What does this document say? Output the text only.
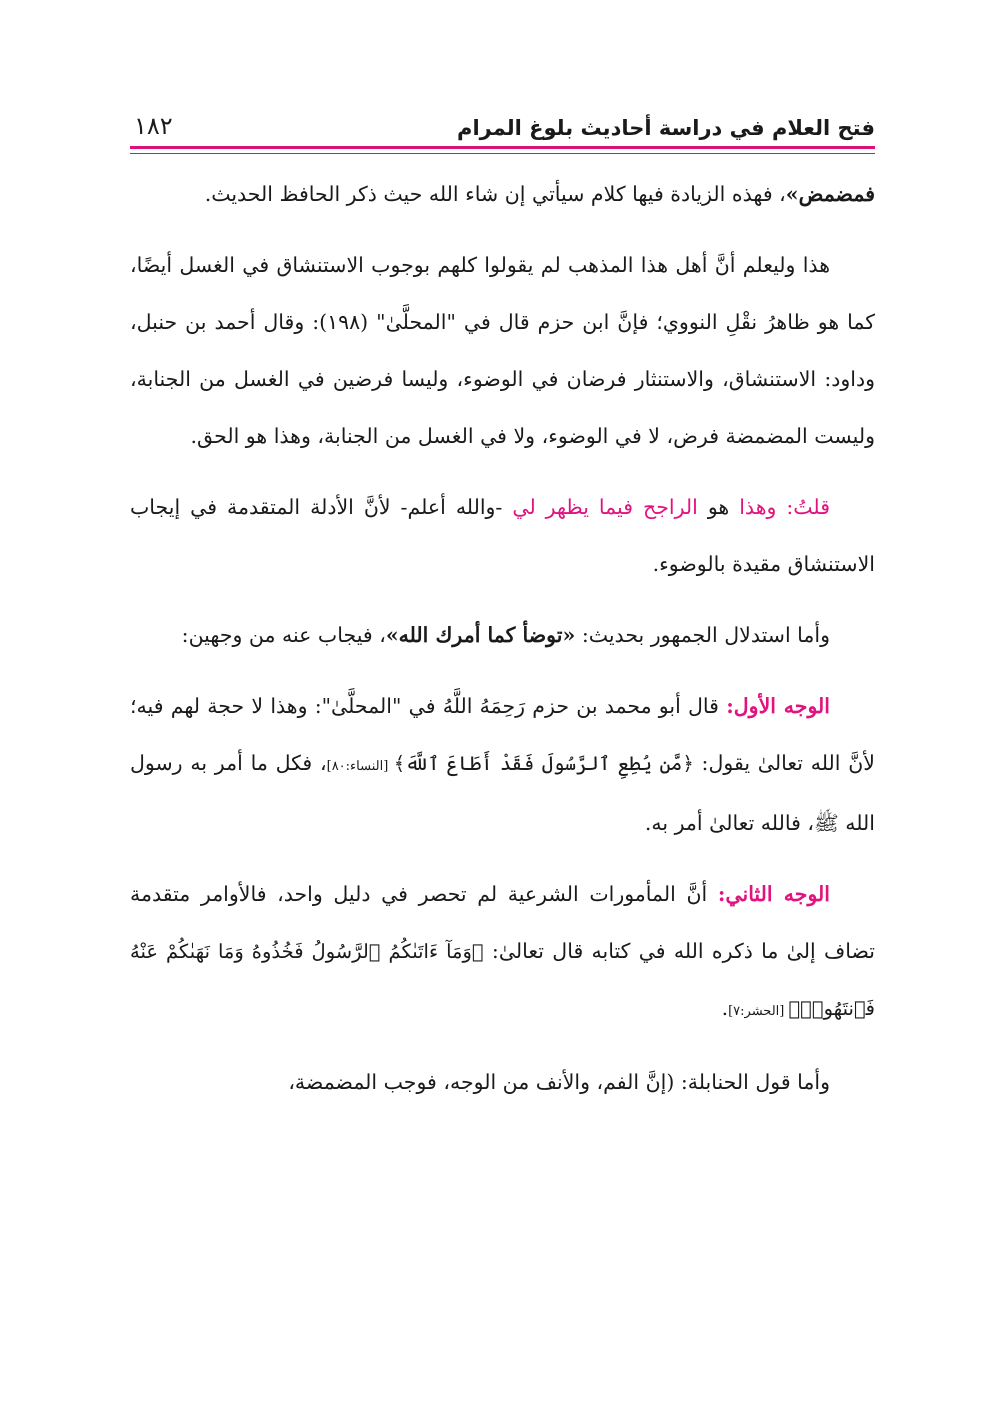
فتح العلام في دراسة أحاديث بلوغ المرام
١٨٢

فمضمض»، فهذه الزيادة فيها كلام سيأتي إن شاء الله حيث ذكر الحافظ الحديث.

هذا وليعلم أنَّ أهل هذا المذهب لم يقولوا كلهم بوجوب الاستنشاق في الغسل أيضًا، كما هو ظاهرُ نقْلِ النووي؛ فإنَّ ابن حزم قال في "المحلَّىٰ" (١٩٨): وقال أحمد بن حنبل، وداود: الاستنشاق، والاستنثار فرضان في الوضوء، وليسا فرضين في الغسل من الجنابة، وليست المضمضة فرض، لا في الوضوء، ولا في الغسل من الجنابة، وهذا هو الحق.

قلتُ: وهذا هو الراجح فيما يظهر لي -والله أعلم- لأنَّ الأدلة المتقدمة في إيجاب الاستنشاق مقيدة بالوضوء.

وأما استدلال الجمهور بحديث: «توضأ كما أمرك الله»، فيجاب عنه من وجهين:

الوجه الأول: قال أبو محمد بن حزم رَحِمَهُ اللَّهُ في "المحلَّىٰ": وهذا لا حجة لهم فيه؛ لأنَّ الله تعالىٰ يقول: ﴿مَّن يُطِعِ ٱلرَّسُولَ فَقَدْ أَطَاعَ ٱللَّهَ﴾ [النساء:٨٠]، فكل ما أمر به رسول الله ﷺ، فالله تعالىٰ أمر به.

الوجه الثاني: أنَّ المأمورات الشرعية لم تحصر في دليل واحد، فالأوامر متقدمة تضاف إلىٰ ما ذكره الله في كتابه قال تعالىٰ: ﴿وَمَآ ءَاتَىٰكُمُ ٱلرَّسُولُ فَخُذُوهُ وَمَا نَهَىٰكُمْ عَنْهُ فَٱنتَهُوا۟﴾ [الحشر:٧].

وأما قول الحنابلة: (إنَّ الفم، والأنف من الوجه، فوجب المضمضة،
